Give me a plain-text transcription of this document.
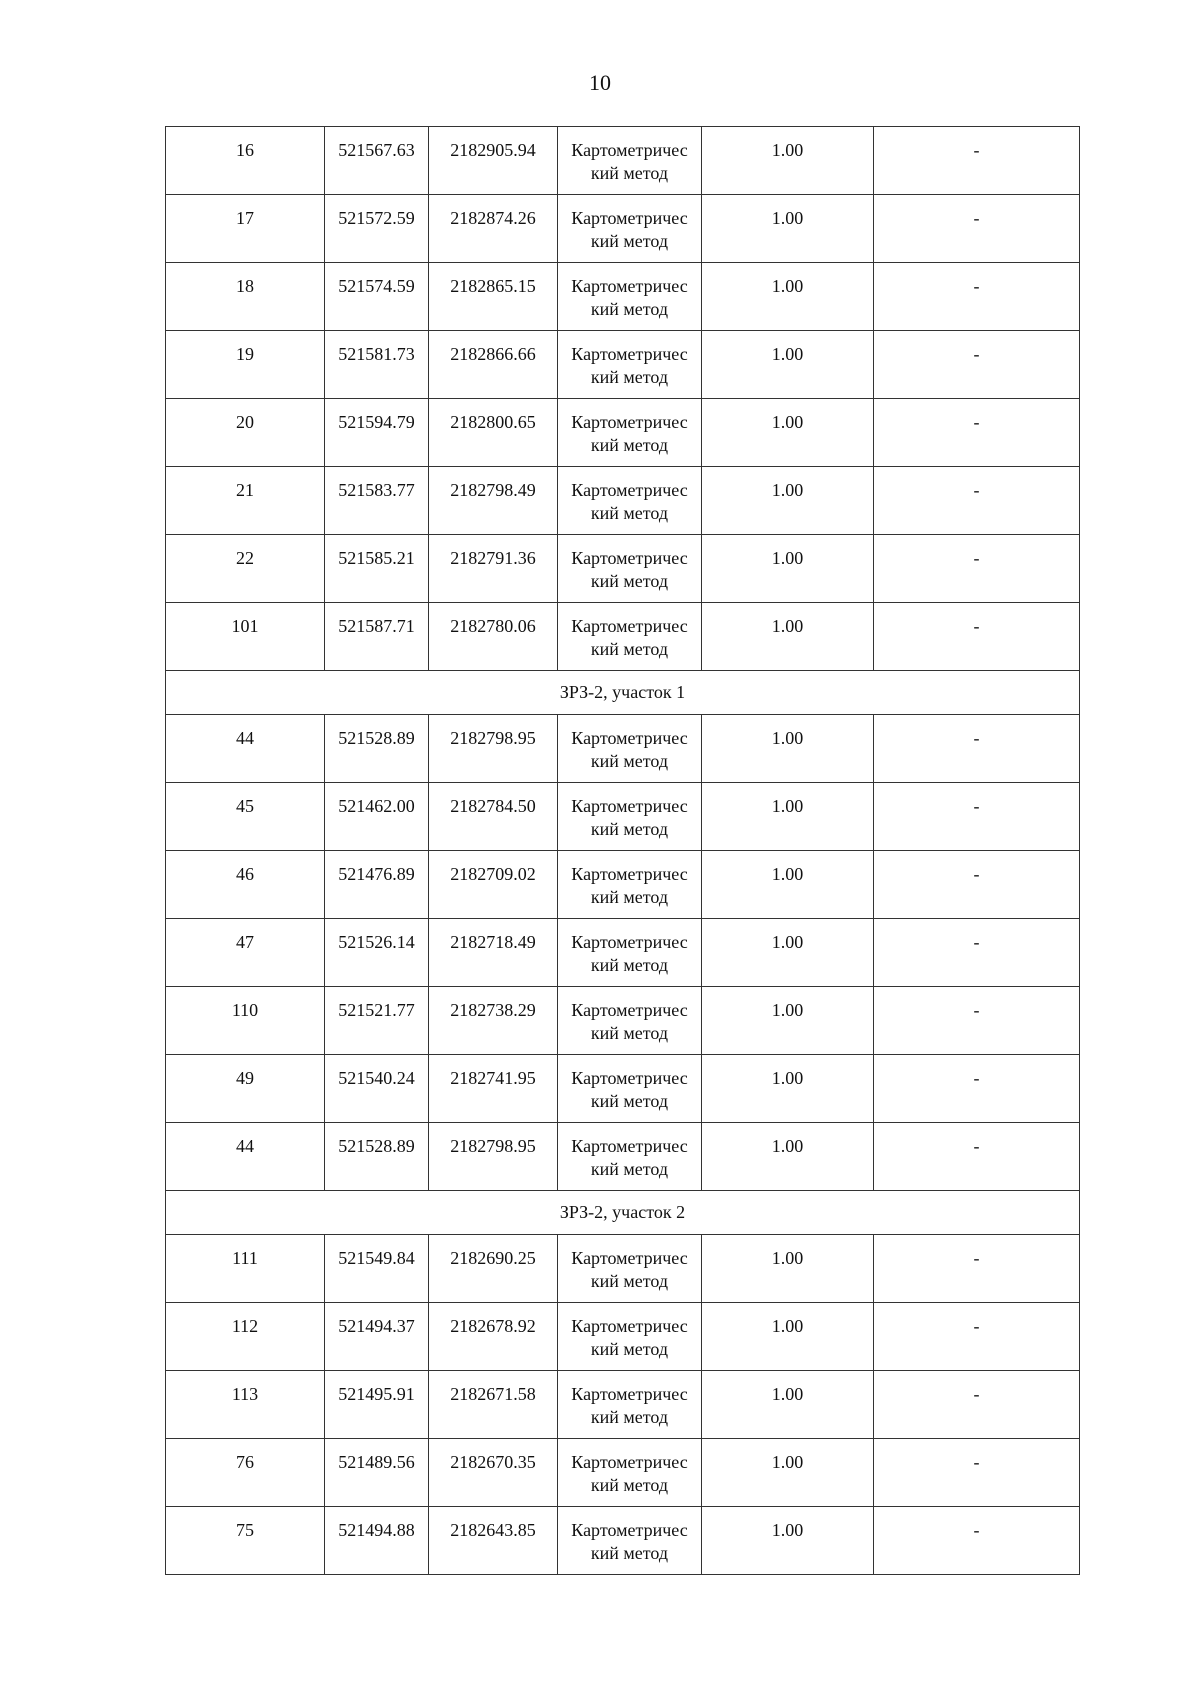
10
16	521567.63	2182905.94	Картометричес кий метод	1.00	-
17	521572.59	2182874.26	Картометричес кий метод	1.00	-
18	521574.59	2182865.15	Картометричес кий метод	1.00	-
19	521581.73	2182866.66	Картометричес кий метод	1.00	-
20	521594.79	2182800.65	Картометричес кий метод	1.00	-
21	521583.77	2182798.49	Картометричес кий метод	1.00	-
22	521585.21	2182791.36	Картометричес кий метод	1.00	-
101	521587.71	2182780.06	Картометричес кий метод	1.00	-
ЗРЗ-2, участок 1					
44	521528.89	2182798.95	Картометричес кий метод	1.00	-
45	521462.00	2182784.50	Картометричес кий метод	1.00	-
46	521476.89	2182709.02	Картометричес кий метод	1.00	-
47	521526.14	2182718.49	Картометричес кий метод	1.00	-
110	521521.77	2182738.29	Картометричес кий метод	1.00	-
49	521540.24	2182741.95	Картометричес кий метод	1.00	-
44	521528.89	2182798.95	Картометричес кий метод	1.00	-
ЗРЗ-2, участок 2					
111	521549.84	2182690.25	Картометричес кий метод	1.00	-
112	521494.37	2182678.92	Картометричес кий метод	1.00	-
113	521495.91	2182671.58	Картометричес кий метод	1.00	-
76	521489.56	2182670.35	Картометричес кий метод	1.00	-
75	521494.88	2182643.85	Картометричес кий метод	1.00	-
